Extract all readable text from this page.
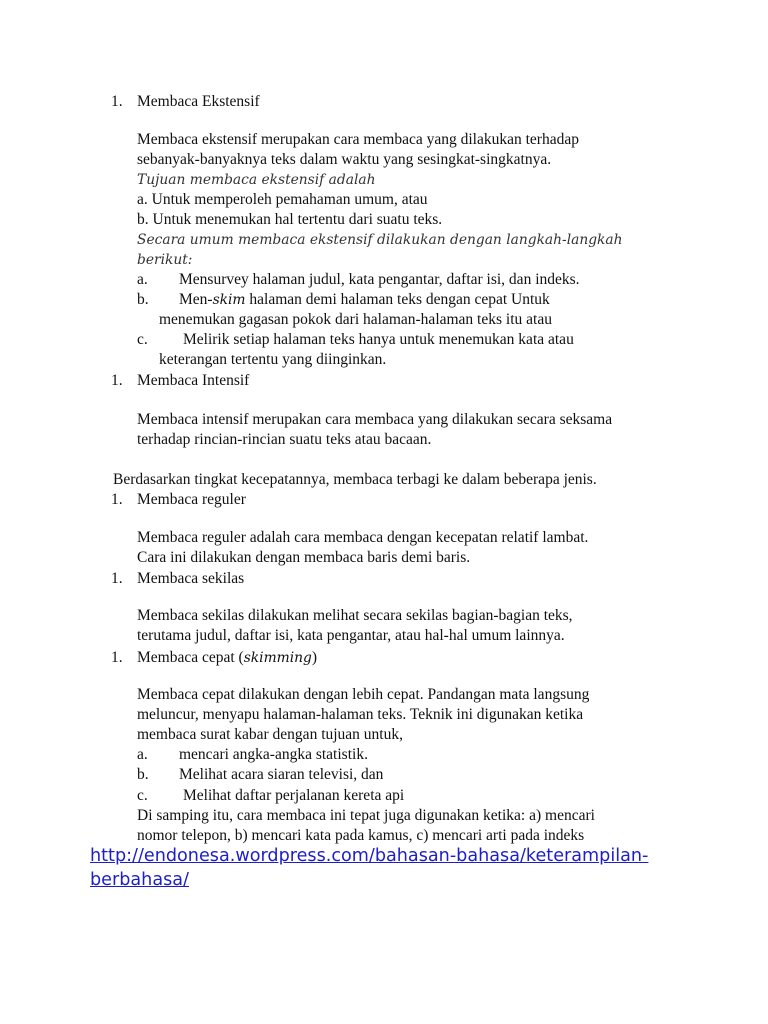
1. Membaca Ekstensif
Membaca ekstensif merupakan cara membaca yang dilakukan terhadap
sebanyak-banyaknya teks dalam waktu yang sesingkat-singkatnya.
Tujuan membaca ekstensif adalah
a. Untuk memperoleh pemahaman umum, atau
b. Untuk menemukan hal tertentu dari suatu teks.
Secara umum membaca ekstensif dilakukan dengan langkah-langkah
berikut:
a. Mensurvey halaman judul, kata pengantar, daftar isi, dan indeks.
b. Men-skim halaman demi halaman teks dengan cepat Untuk
menemukan gagasan pokok dari halaman-halaman teks itu atau
c. Melirik setiap halaman teks hanya untuk menemukan kata atau
keterangan tertentu yang diinginkan.
1. Membaca Intensif
Membaca intensif merupakan cara membaca yang dilakukan secara seksama
terhadap rincian-rincian suatu teks atau bacaan.
Berdasarkan tingkat kecepatannya, membaca terbagi ke dalam beberapa jenis.
1. Membaca reguler
Membaca reguler adalah cara membaca dengan kecepatan relatif lambat.
Cara ini dilakukan dengan membaca baris demi baris.
1. Membaca sekilas
Membaca sekilas dilakukan melihat secara sekilas bagian-bagian teks,
terutama judul, daftar isi, kata pengantar, atau hal-hal umum lainnya.
1. Membaca cepat (skimming)
Membaca cepat dilakukan dengan lebih cepat. Pandangan mata langsung
meluncur, menyapu halaman-halaman teks. Teknik ini digunakan ketika
membaca surat kabar dengan tujuan untuk,
a. mencari angka-angka statistik.
b. Melihat acara siaran televisi, dan
c. Melihat daftar perjalanan kereta api
Di samping itu, cara membaca ini tepat juga digunakan ketika: a) mencari
nomor telepon, b) mencari kata pada kamus, c) mencari arti pada indeks
http://endonesa.wordpress.com/bahasan-bahasa/keterampilan-
berbahasa/
